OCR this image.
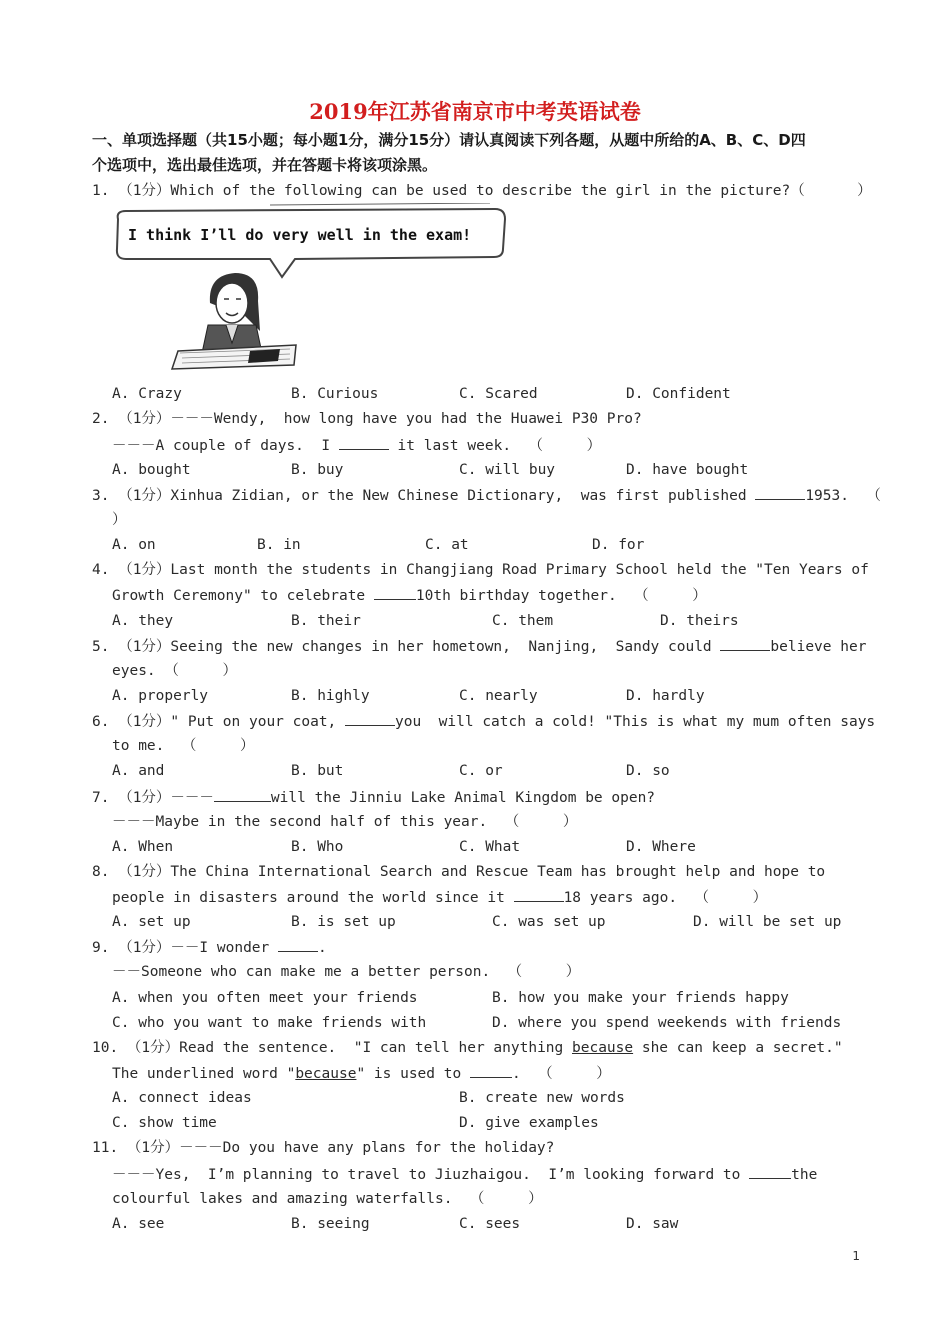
2019年江苏省南京市中考英语试卷
一、单项选择题（共15小题；每小题1分，满分15分）请认真阅读下列各题，从题中所给的A、B、C、D四
个选项中，选出最佳选项，并在答题卡将该项涂黑。
1. （1分）Which of the following can be used to describe the girl in the picture?（      ）
I think I’ll do very well in the exam!
A. Crazy	B. Curious	C. Scared	D. Confident
2. （1分）－－－Wendy,  how long have you had the Huawei P30 Pro?
－－－A couple of days.  I	it last week.  （     ）
A. bought	B. buy	C. will buy	D. have bought
3. （1分）Xinhua Zidian, or the New Chinese Dictionary,  was first published	1953.  （
）
A. on	B. in	C. at	D. for
4. （1分）Last month the students in Changjiang Road Primary School held the "Ten Years of
Growth Ceremony" to celebrate	10th birthday together.  （     ）
A. they	B. their	C. them	D. theirs
5. （1分）Seeing the new changes in her hometown,  Nanjing,  Sandy could	believe her
eyes. （     ）
A. properly	B. highly	C. nearly	D. hardly
6. （1分）" Put on your coat,	you  will catch a cold! "This is what my mum often says
to me.  （     ）
A. and	B. but	C. or	D. so
7. （1分）－－－	will the Jinniu Lake Animal Kingdom be open?
－－－Maybe in the second half of this year.  （     ）
A. When	B. Who	C. What	D. Where
8. （1分）The China International Search and Rescue Team has brought help and hope to
people in disasters around the world since it	18 years ago.  （     ）
A. set up	B. is set up	C. was set up	D. will be set up
9. （1分）－－I wonder	.
－－Someone who can make me a better person.  （     ）
A. when you often meet your friends	B. how you make your friends happy
C. who you want to make friends with	D. where you spend weekends with friends
10. （1分）Read the sentence.  "I can tell her anything because she can keep a secret."
The underlined word "because" is used to	.  （     ）
A. connect ideas	B. create new words
C. show time	D. give examples
11. （1分）－－－Do you have any plans for the holiday?
－－－Yes,  I’m planning to travel to Jiuzhaigou.  I’m looking forward to	the
colourful lakes and amazing waterfalls.  （     ）
A. see	B. seeing	C. sees	D. saw
1
